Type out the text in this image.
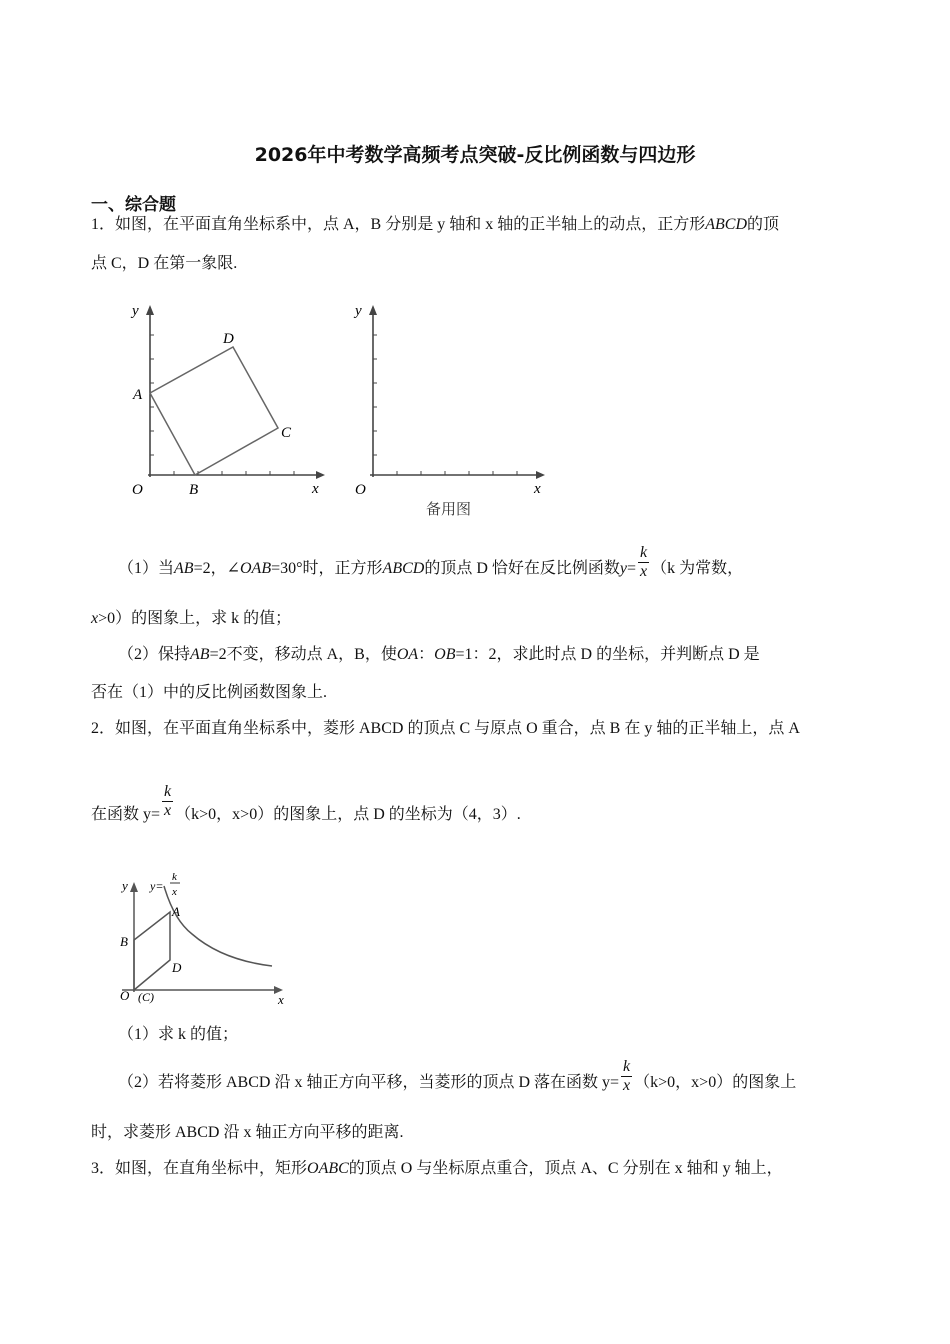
2026年中考数学高频考点突破-反比例函数与四边形
一、综合题
1．如图，在平面直角坐标系中，点 A，B 分别是 y 轴和 x 轴的正半轴上的动点，正方形ABCD的顶
点 C，D 在第一象限.
y
x
O
A
B
C
D
y
x
O
备用图
（1）当AB=2，∠OAB=30°时，正方形ABCD的顶点 D 恰好在反比例函数$y= \frac{k}{x} (k$ 为常数，
x>0）的图象上，求 k 的值；
（2）保持AB=2不变，移动点 A，B，使OA：OB=1：2，求此时点 D 的坐标，并判断点 D 是
否在（1）中的反比例函数图象上.
2．如图，在平面直角坐标系中，菱形 ABCD 的顶点 C 与原点 O 重合，点 B 在 y 轴的正半轴上，点 A
在函数 $y= \frac{k}{x} (k>0$，x>0）的图象上，点 D 的坐标为（4，3）.
y
x
O (C)
B
A
D
y=
k
x
（1）求 k 的值；
（2）若将菱形 ABCD 沿 x 轴正方向平移，当菱形的顶点 D 落在函数 $y= \frac{k}{x} (k>0$，x>0）的图象上
时，求菱形 ABCD 沿 x 轴正方向平移的距离.
3．如图，在直角坐标中，矩形OABC的顶点 O 与坐标原点重合，顶点 A、C 分别在 x 轴和 y 轴上，
